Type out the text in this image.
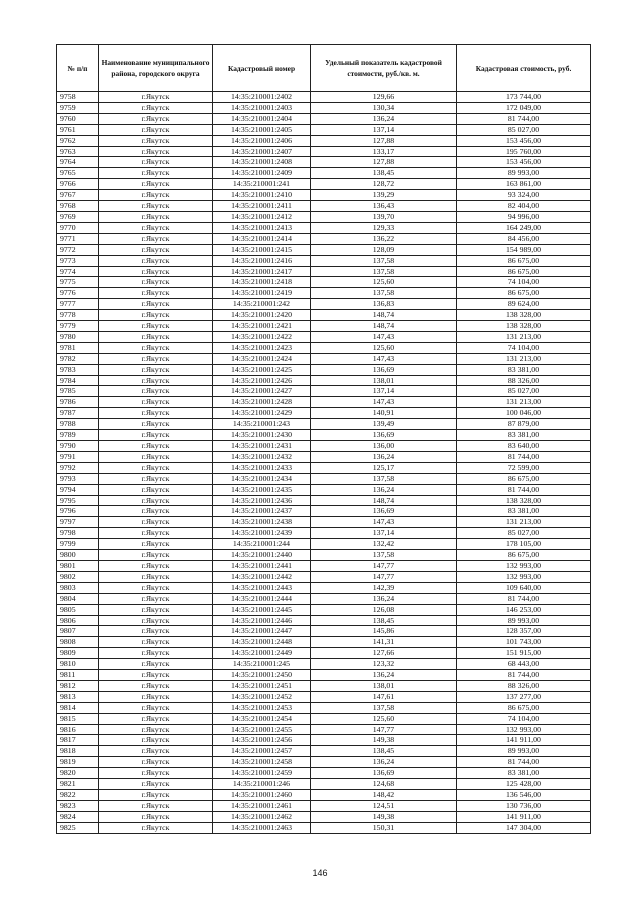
№ п/п	Наименование муниципального района, городского округа	Кадастровый номер	Удельный показатель кадастровой стоимости, руб./кв. м.	Кадастровая стоимость, руб.
9758	г.Якутск	14:35:210001:2402	129,66	173 744,00
9759	г.Якутск	14:35:210001:2403	130,34	172 049,00
9760	г.Якутск	14:35:210001:2404	136,24	81 744,00
9761	г.Якутск	14:35:210001:2405	137,14	85 027,00
9762	г.Якутск	14:35:210001:2406	127,88	153 456,00
9763	г.Якутск	14:35:210001:2407	133,17	195 760,00
9764	г.Якутск	14:35:210001:2408	127,88	153 456,00
9765	г.Якутск	14:35:210001:2409	138,45	89 993,00
9766	г.Якутск	14:35:210001:241	128,72	163 861,00
9767	г.Якутск	14:35:210001:2410	139,29	93 324,00
9768	г.Якутск	14:35:210001:2411	136,43	82 404,00
9769	г.Якутск	14:35:210001:2412	139,70	94 996,00
9770	г.Якутск	14:35:210001:2413	129,33	164 249,00
9771	г.Якутск	14:35:210001:2414	136,22	84 456,00
9772	г.Якутск	14:35:210001:2415	128,09	154 989,00
9773	г.Якутск	14:35:210001:2416	137,58	86 675,00
9774	г.Якутск	14:35:210001:2417	137,58	86 675,00
9775	г.Якутск	14:35:210001:2418	125,60	74 104,00
9776	г.Якутск	14:35:210001:2419	137,58	86 675,00
9777	г.Якутск	14:35:210001:242	136,83	89 624,00
9778	г.Якутск	14:35:210001:2420	148,74	138 328,00
9779	г.Якутск	14:35:210001:2421	148,74	138 328,00
9780	г.Якутск	14:35:210001:2422	147,43	131 213,00
9781	г.Якутск	14:35:210001:2423	125,60	74 104,00
9782	г.Якутск	14:35:210001:2424	147,43	131 213,00
9783	г.Якутск	14:35:210001:2425	136,69	83 381,00
9784	г.Якутск	14:35:210001:2426	138,01	88 326,00
9785	г.Якутск	14:35:210001:2427	137,14	85 027,00
9786	г.Якутск	14:35:210001:2428	147,43	131 213,00
9787	г.Якутск	14:35:210001:2429	140,91	100 046,00
9788	г.Якутск	14:35:210001:243	139,49	87 879,00
9789	г.Якутск	14:35:210001:2430	136,69	83 381,00
9790	г.Якутск	14:35:210001:2431	136,00	83 640,00
9791	г.Якутск	14:35:210001:2432	136,24	81 744,00
9792	г.Якутск	14:35:210001:2433	125,17	72 599,00
9793	г.Якутск	14:35:210001:2434	137,58	86 675,00
9794	г.Якутск	14:35:210001:2435	136,24	81 744,00
9795	г.Якутск	14:35:210001:2436	148,74	138 328,00
9796	г.Якутск	14:35:210001:2437	136,69	83 381,00
9797	г.Якутск	14:35:210001:2438	147,43	131 213,00
9798	г.Якутск	14:35:210001:2439	137,14	85 027,00
9799	г.Якутск	14:35:210001:244	132,42	178 105,00
9800	г.Якутск	14:35:210001:2440	137,58	86 675,00
9801	г.Якутск	14:35:210001:2441	147,77	132 993,00
9802	г.Якутск	14:35:210001:2442	147,77	132 993,00
9803	г.Якутск	14:35:210001:2443	142,39	109 640,00
9804	г.Якутск	14:35:210001:2444	136,24	81 744,00
9805	г.Якутск	14:35:210001:2445	126,08	146 253,00
9806	г.Якутск	14:35:210001:2446	138,45	89 993,00
9807	г.Якутск	14:35:210001:2447	145,86	128 357,00
9808	г.Якутск	14:35:210001:2448	141,31	101 743,00
9809	г.Якутск	14:35:210001:2449	127,66	151 915,00
9810	г.Якутск	14:35:210001:245	123,32	68 443,00
9811	г.Якутск	14:35:210001:2450	136,24	81 744,00
9812	г.Якутск	14:35:210001:2451	138,01	88 326,00
9813	г.Якутск	14:35:210001:2452	147,61	137 277,00
9814	г.Якутск	14:35:210001:2453	137,58	86 675,00
9815	г.Якутск	14:35:210001:2454	125,60	74 104,00
9816	г.Якутск	14:35:210001:2455	147,77	132 993,00
9817	г.Якутск	14:35:210001:2456	149,38	141 911,00
9818	г.Якутск	14:35:210001:2457	138,45	89 993,00
9819	г.Якутск	14:35:210001:2458	136,24	81 744,00
9820	г.Якутск	14:35:210001:2459	136,69	83 381,00
9821	г.Якутск	14:35:210001:246	124,68	125 428,00
9822	г.Якутск	14:35:210001:2460	148,42	136 546,00
9823	г.Якутск	14:35:210001:2461	124,51	130 736,00
9824	г.Якутск	14:35:210001:2462	149,38	141 911,00
9825	г.Якутск	14:35:210001:2463	150,31	147 304,00
146
